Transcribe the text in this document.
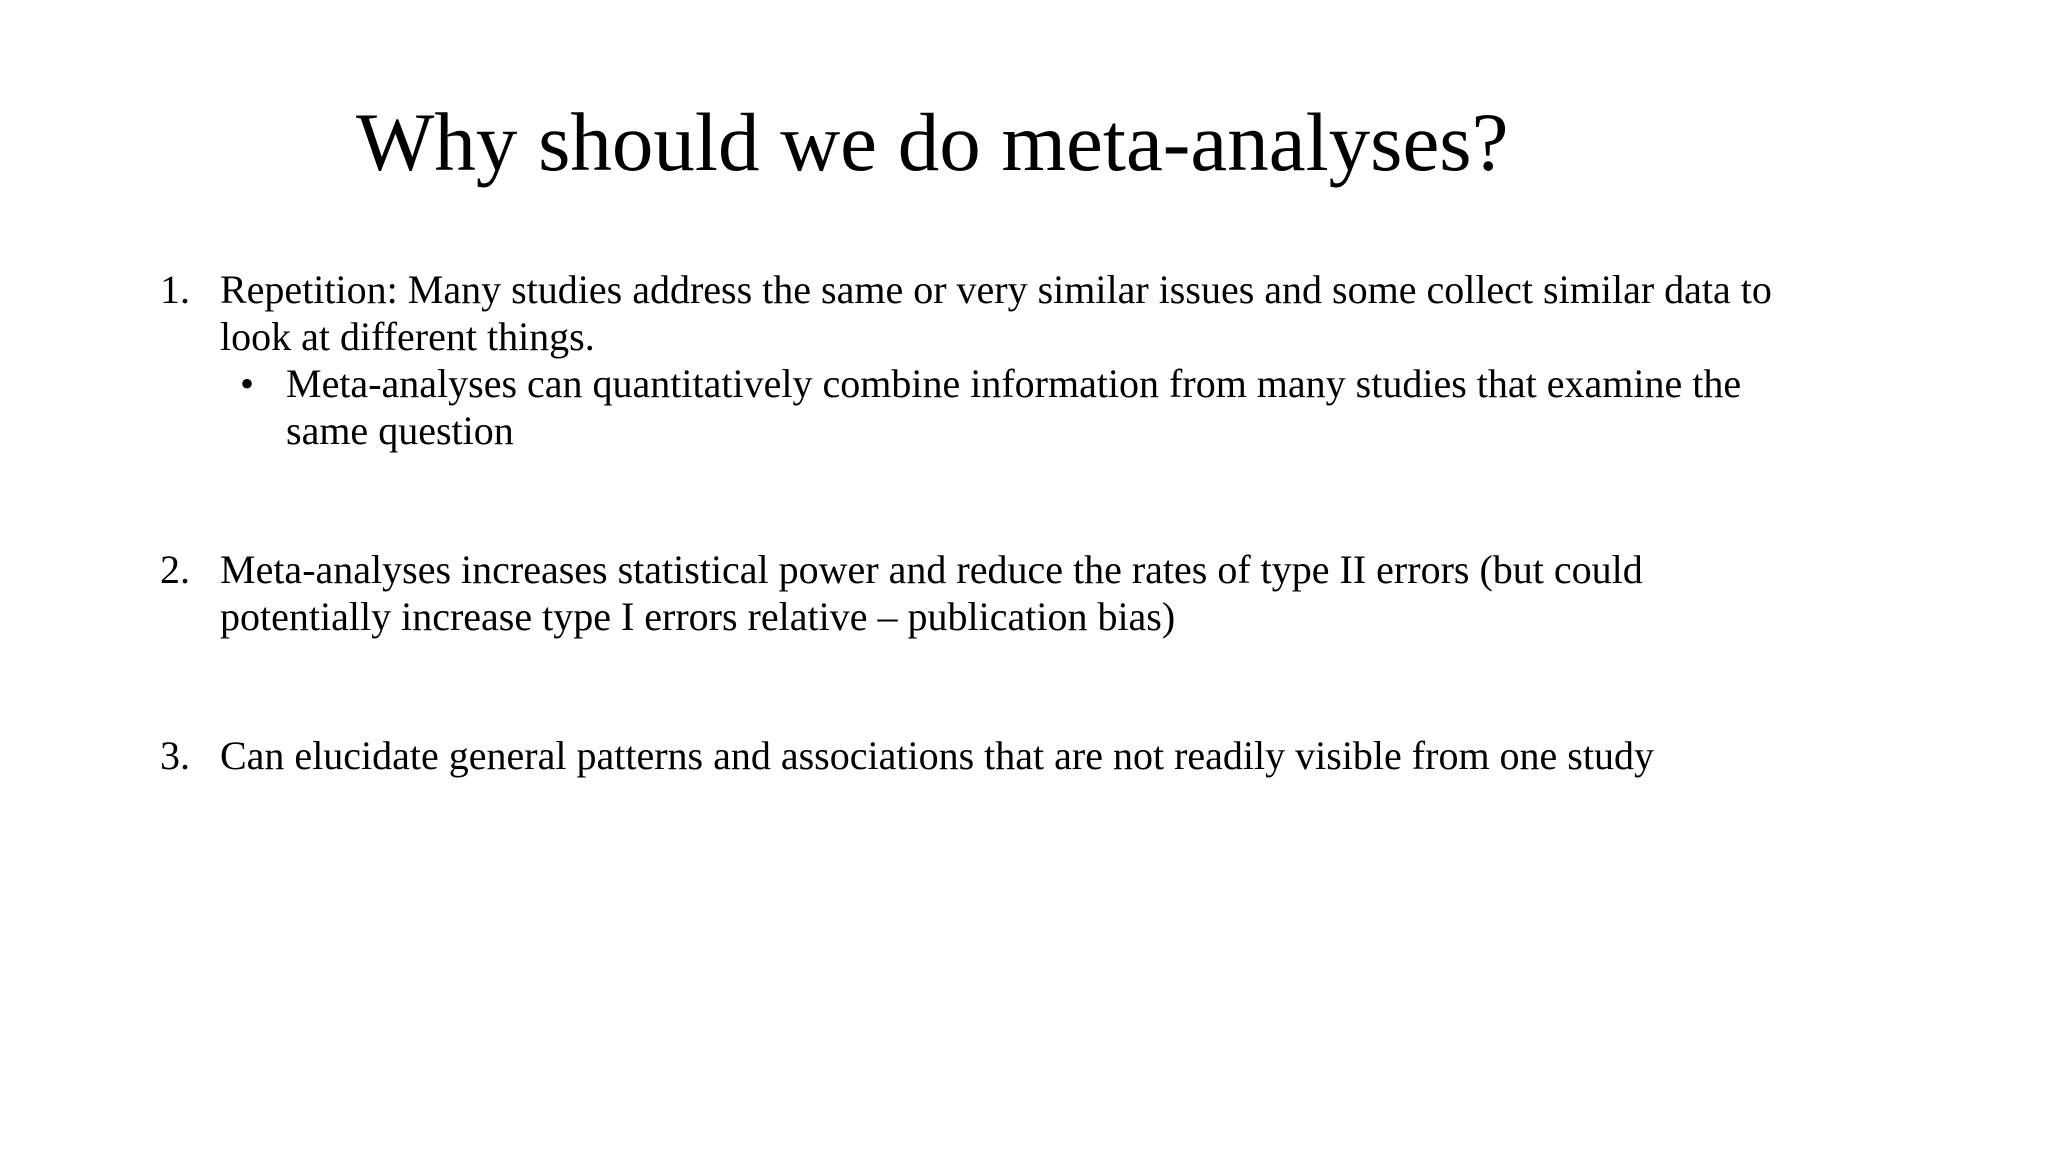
Why should we do meta-analyses?
1. Repetition: Many studies address the same or very similar issues and some collect similar data to look at different things.
• Meta-analyses can quantitatively combine information from many studies that examine the same question
2. Meta-analyses increases statistical power and reduce the rates of type II errors (but could potentially increase type I errors relative – publication bias)
3. Can elucidate general patterns and associations that are not readily visible from one study
